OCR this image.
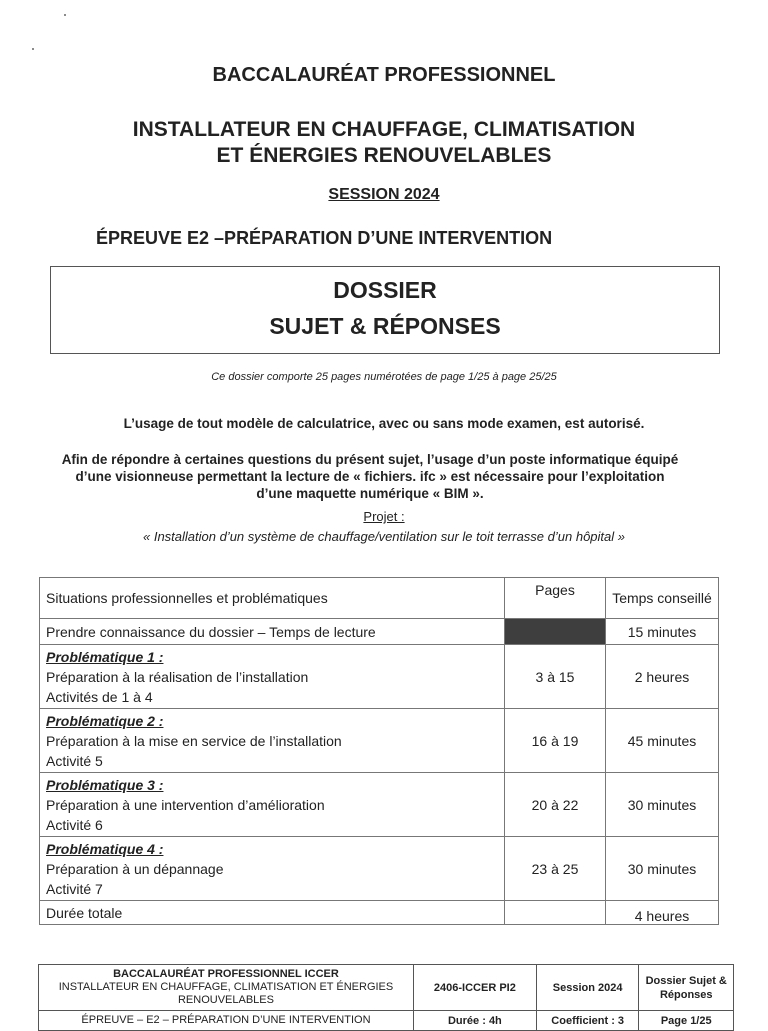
BACCALAURÉAT PROFESSIONNEL
INSTALLATEUR EN CHAUFFAGE, CLIMATISATION
ET ÉNERGIES RENOUVELABLES
SESSION 2024
ÉPREUVE E2 –PRÉPARATION D’UNE INTERVENTION
DOSSIER
SUJET & RÉPONSES
Ce dossier comporte 25 pages numérotées de page 1/25 à page 25/25
L’usage de tout modèle de calculatrice, avec ou sans mode examen, est autorisé.
Afin de répondre à certaines questions du présent sujet, l’usage d’un poste informatique équipé d’une visionneuse permettant la lecture de « fichiers. ifc » est nécessaire pour l’exploitation d’une maquette numérique « BIM ».
Projet :
« Installation d’un système de chauffage/ventilation sur le toit terrasse d’un hôpital »
Situations professionnelles et problématiques	Pages	Temps conseillé
Prendre connaissance du dossier – Temps de lecture		15 minutes

Problématique 1 :
Préparation à la réalisation de l’installation
Activités de 1 à 4	3 à 15	2 heures

Problématique 2 :
Préparation à la mise en service de l’installation
Activité 5	16 à 19	45 minutes

Problématique 3 :
Préparation à une intervention d’amélioration
Activité 6	20 à 22	30 minutes

Problématique 4 :
Préparation à un dépannage
Activité 7	23 à 25	30 minutes
Durée totale		4 heures
BACCALAURÉAT PROFESSIONNEL ICCER
INSTALLATEUR EN CHAUFFAGE, CLIMATISATION ET ÉNERGIES RENOUVELABLES	2406-ICCER PI2	Session 2024	Dossier Sujet & Réponses
ÉPREUVE – E2 – PRÉPARATION D’UNE INTERVENTION	Durée : 4h	Coefficient : 3	Page 1/25
